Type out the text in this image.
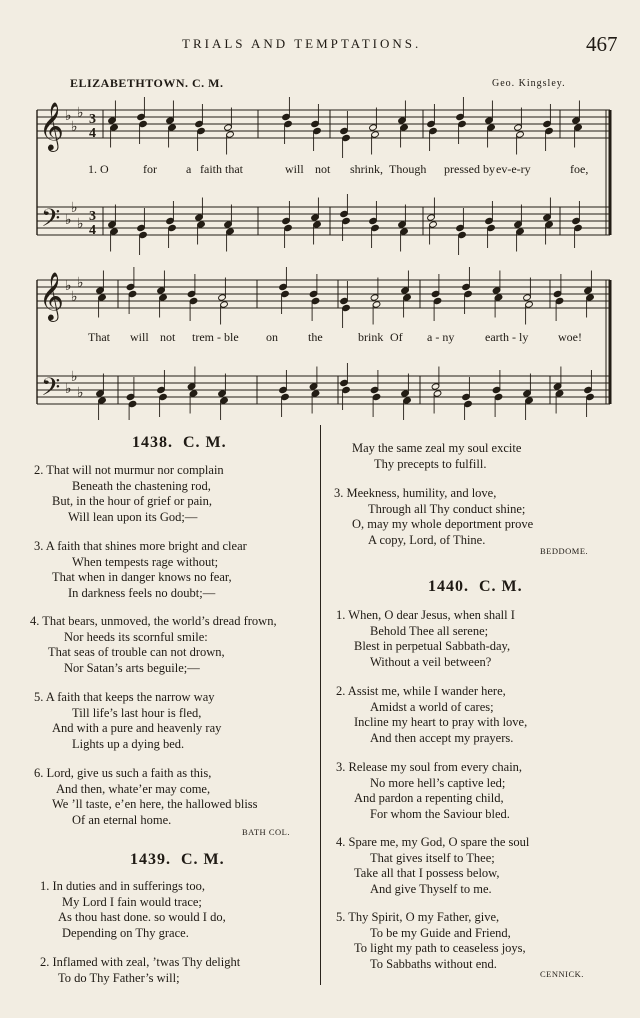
TRIALS AND TEMPTATIONS.	467
ELIZABETHTOWN. C. M.	Geo. Kingsley.
𝄞
𝄢
♭
♭
♭
♭
♭
♭
3
4
3
4
𝄞
𝄢
♭
♭
♭
♭
♭
♭
1. O	for a faith that	will not shrink, Though pressed by ev-e-ry	foe,
That will not trem - ble on	the	brink Of a - ny	earth - ly woe!
1438. C. M.
2. That will not murmur nor complain
Beneath the chastening rod,
But, in the hour of grief or pain,
Will lean upon its God;—
3. A faith that shines more bright and clear
When tempests rage without;
That when in danger knows no fear,
In darkness feels no doubt;—
4. That bears, unmoved, the world’s dread frown,
Nor heeds its scornful smile:
That seas of trouble can not drown,
Nor Satan’s arts beguile;—
5. A faith that keeps the narrow way
Till life’s last hour is fled,
And with a pure and heavenly ray
Lights up a dying bed.
6. Lord, give us such a faith as this,
And then, whate’er may come,
We ’ll taste, e’en here, the hallowed bliss
Of an eternal home.
BATH COL.
1439. C. M.
1. In duties and in sufferings too,
My Lord I fain would trace;
As thou hast done. so would I do,
Depending on Thy grace.
2. Inflamed with zeal, ’twas Thy delight
To do Thy Father’s will;
May the same zeal my soul excite
Thy precepts to fulfill.
3. Meekness, humility, and love,
Through all Thy conduct shine;
O, may my whole deportment prove
A copy, Lord, of Thine.
BEDDOME.
1440. C. M.
1. When, O dear Jesus, when shall I
Behold Thee all serene;
Blest in perpetual Sabbath-day,
Without a veil between?
2. Assist me, while I wander here,
Amidst a world of cares;
Incline my heart to pray with love,
And then accept my prayers.
3. Release my soul from every chain,
No more hell’s captive led;
And pardon a repenting child,
For whom the Saviour bled.
4. Spare me, my God, O spare the soul
That gives itself to Thee;
Take all that I possess below,
And give Thyself to me.
5. Thy Spirit, O my Father, give,
To be my Guide and Friend,
To light my path to ceaseless joys,
To Sabbaths without end.
CENNICK.
